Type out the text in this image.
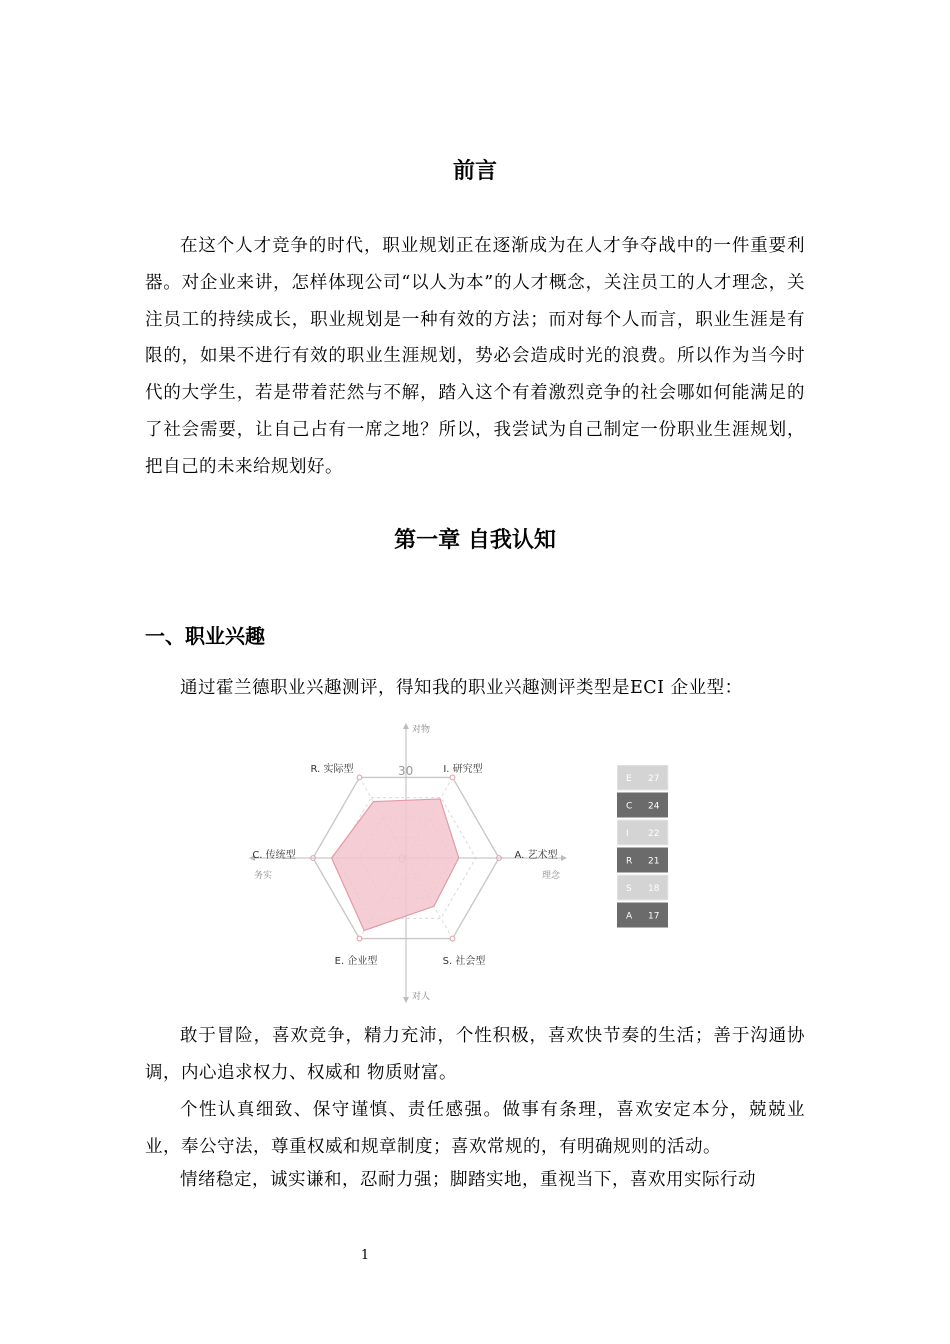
前言
在这个人才竞争的时代，职业规划正在逐渐成为在人才争夺战中的一件重要利器。对企业来讲，怎样体现公司“以人为本”的人才概念，关注员工的人才理念，关注员工的持续成长，职业规划是一种有效的方法；而对每个人而言，职业生涯是有限的，如果不进行有效的职业生涯规划，势必会造成时光的浪费。所以作为当今时代的大学生，若是带着茫然与不解，踏入这个有着激烈竞争的社会哪如何能满足的了社会需要，让自己占有一席之地？所以，我尝试为自己制定一份职业生涯规划，把自己的未来给规划好。
第一章 自我认知
一、职业兴趣
通过霍兰德职业兴趣测评，得知我的职业兴趣测评类型是ECI 企业型：
30
对物
对人
务实	理念
R. 实际型	I. 研究型
A. 艺术型
S. 社会型
E. 企业型
C. 传统型
E 27
C 24
I 22
R 21
S 18
A 17
敢于冒险，喜欢竞争，精力充沛，个性积极，喜欢快节奏的生活；善于沟通协调，内心追求权力、权威和 物质财富。
个性认真细致、保守谨慎、责任感强。做事有条理，喜欢安定本分，兢兢业业，奉公守法，尊重权威和规章制度；喜欢常规的，有明确规则的活动。
情绪稳定，诚实谦和，忍耐力强；脚踏实地，重视当下，喜欢用实际行动
1
